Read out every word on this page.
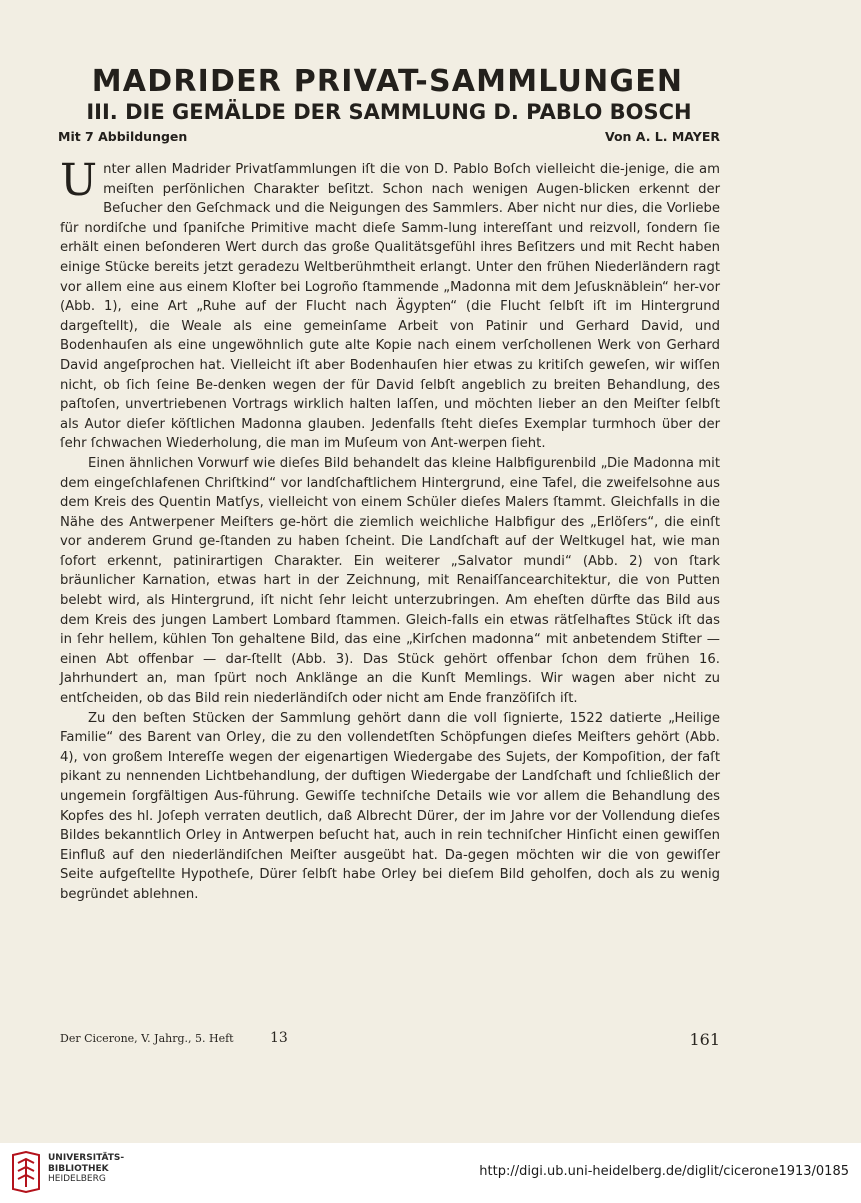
MADRIDER PRIVAT-SAMMLUNGEN
III. DIE GEMÄLDE DER SAMMLUNG D. PABLO BOSCH
Mit 7 Abbildungen	Von A. L. MAYER

Unter allen Madrider Privatſammlungen iſt die von D. Pablo Boſch vielleicht die-jenige, die am meiſten perſönlichen Charakter beſitzt. Schon nach wenigen Augen-blicken erkennt der Beſucher den Geſchmack und die Neigungen des Sammlers. Aber nicht nur dies, die Vorliebe für nordiſche und ſpaniſche Primitive macht dieſe Samm-lung intereſſant und reizvoll, ſondern ſie erhält einen beſonderen Wert durch das große Qualitätsgefühl ihres Beſitzers und mit Recht haben einige Stücke bereits jetzt geradezu Weltberühmtheit erlangt. Unter den frühen Niederländern ragt vor allem eine aus einem Kloſter bei Logroño ſtammende „Madonna mit dem Jeſusknäblein“ her-vor (Abb. 1), eine Art „Ruhe auf der Flucht nach Ägypten“ (die Flucht ſelbſt iſt im Hintergrund dargeſtellt), die Weale als eine gemeinſame Arbeit von Patinir und Gerhard David, und Bodenhauſen als eine ungewöhnlich gute alte Kopie nach einem verſchollenen Werk von Gerhard David angeſprochen hat. Vielleicht iſt aber Bodenhauſen hier etwas zu kritiſch geweſen, wir wiſſen nicht, ob ſich ſeine Be-denken wegen der für David ſelbſt angeblich zu breiten Behandlung, des paſtoſen, unvertriebenen Vortrags wirklich halten laſſen, und möchten lieber an den Meiſter ſelbſt als Autor dieſer köſtlichen Madonna glauben. Jedenfalls ſteht dieſes Exemplar turmhoch über der ſehr ſchwachen Wiederholung, die man im Muſeum von Ant-werpen ſieht.

Einen ähnlichen Vorwurf wie dieſes Bild behandelt das kleine Halbfigurenbild „Die Madonna mit dem eingeſchlafenen Chriſtkind“ vor landſchaftlichem Hintergrund, eine Tafel, die zweifelsohne aus dem Kreis des Quentin Matſys, vielleicht von einem Schüler dieſes Malers ſtammt. Gleichfalls in die Nähe des Antwerpener Meiſters ge-hört die ziemlich weichliche Halbfigur des „Erlöſers“, die einſt vor anderem Grund ge-ſtanden zu haben ſcheint. Die Landſchaft auf der Weltkugel hat, wie man ſofort erkennt, patinirartigen Charakter. Ein weiterer „Salvator mundi“ (Abb. 2) von ſtark bräunlicher Karnation, etwas hart in der Zeichnung, mit Renaiſſancearchitektur, die von Putten belebt wird, als Hintergrund, iſt nicht ſehr leicht unterzubringen. Am eheſten dürfte das Bild aus dem Kreis des jungen Lambert Lombard ſtammen. Gleich-falls ein etwas rätſelhaftes Stück iſt das in ſehr hellem, kühlen Ton gehaltene Bild, das eine „Kirſchen madonna“ mit anbetendem Stifter — einen Abt offenbar — dar-ſtellt (Abb. 3). Das Stück gehört offenbar ſchon dem frühen 16. Jahrhundert an, man ſpürt noch Anklänge an die Kunſt Memlings. Wir wagen aber nicht zu entſcheiden, ob das Bild rein niederländiſch oder nicht am Ende franzöſiſch iſt.

Zu den beſten Stücken der Sammlung gehört dann die voll ſignierte, 1522 datierte „Heilige Familie“ des Barent van Orley, die zu den vollendetſten Schöpfungen dieſes Meiſters gehört (Abb. 4), von großem Intereſſe wegen der eigenartigen Wiedergabe des Sujets, der Kompoſition, der faſt pikant zu nennenden Lichtbehandlung, der duftigen Wiedergabe der Landſchaft und ſchließlich der ungemein ſorgfältigen Aus-führung. Gewiſſe techniſche Details wie vor allem die Behandlung des Kopfes des hl. Joſeph verraten deutlich, daß Albrecht Dürer, der im Jahre vor der Vollendung dieſes Bildes bekanntlich Orley in Antwerpen beſucht hat, auch in rein techniſcher Hinſicht einen gewiſſen Einfluß auf den niederländiſchen Meiſter ausgeübt hat. Da-gegen möchten wir die von gewiſſer Seite aufgeſtellte Hypotheſe, Dürer ſelbſt habe Orley bei dieſem Bild geholfen, doch als zu wenig begründet ablehnen.

Der Cicerone, V. Jahrg., 5. Heft	13	161
UNIVERSITÄTS-
BIBLIOTHEK
HEIDELBERG	http://digi.ub.uni-heidelberg.de/diglit/cicerone1913/0185
